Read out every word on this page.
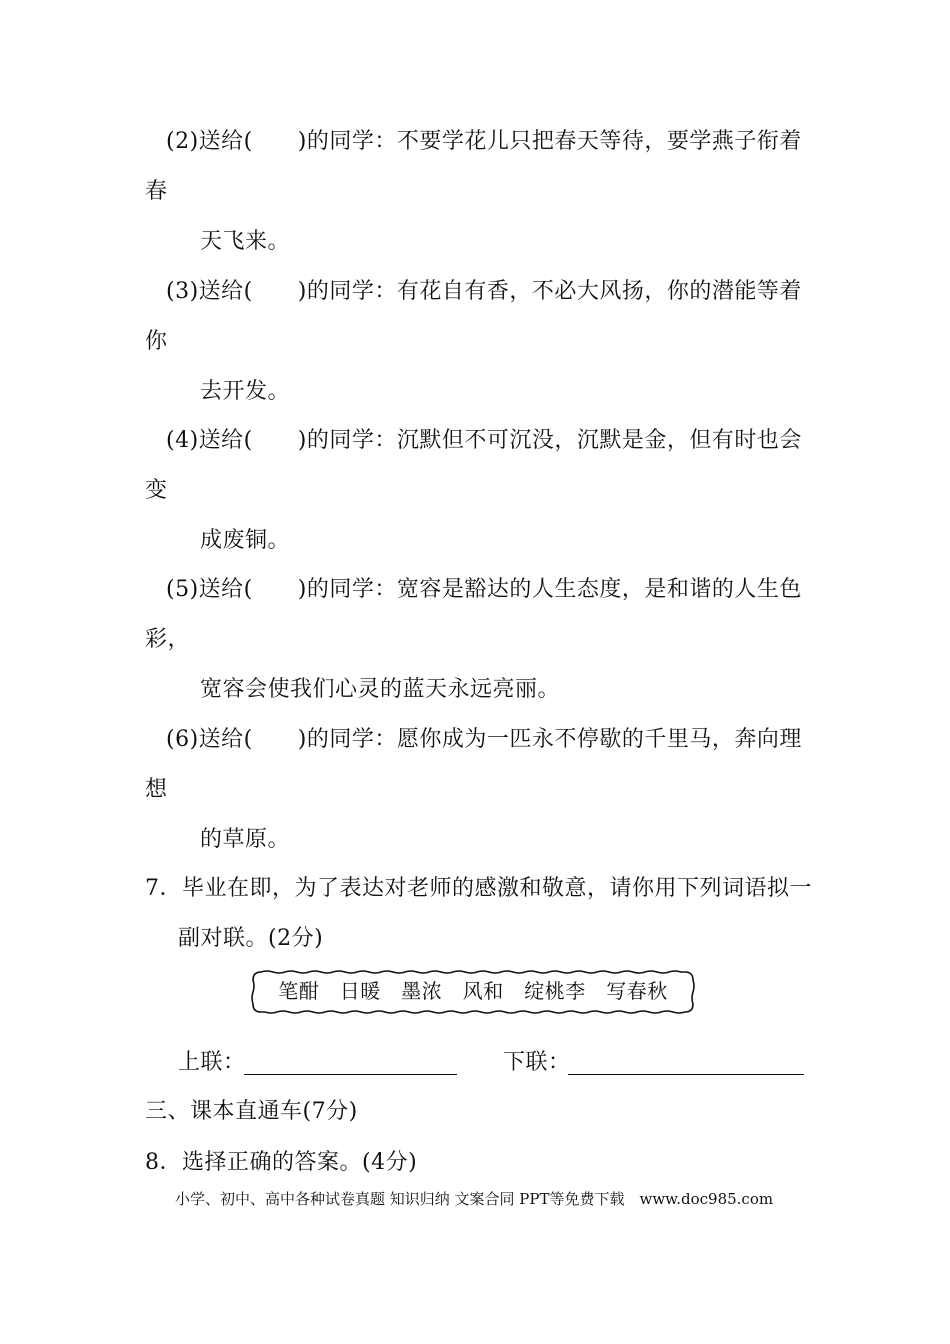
(2)送给(　　)的同学：不要学花儿只把春天等待，要学燕子衔着
春
天飞来。
(3)送给(　　)的同学：有花自有香，不必大风扬，你的潜能等着
你
去开发。
(4)送给(　　)的同学：沉默但不可沉没，沉默是金，但有时也会
变
成废铜。
(5)送给(　　)的同学：宽容是豁达的人生态度，是和谐的人生色
彩，
宽容会使我们心灵的蓝天永远亮丽。
(6)送给(　　)的同学：愿你成为一匹永不停歇的千里马，奔向理
想
的草原。
7．毕业在即，为了表达对老师的感激和敬意，请你用下列词语拟一
副对联。(2分)
笔酣　日暖　墨浓　风和　绽桃李　写春秋
上联：	下联：
三、课本直通车(7分)
8．选择正确的答案。(4分)
小学、初中、高中各种试卷真题 知识归纳 文案合同 PPT等免费下载　www.doc985.com
